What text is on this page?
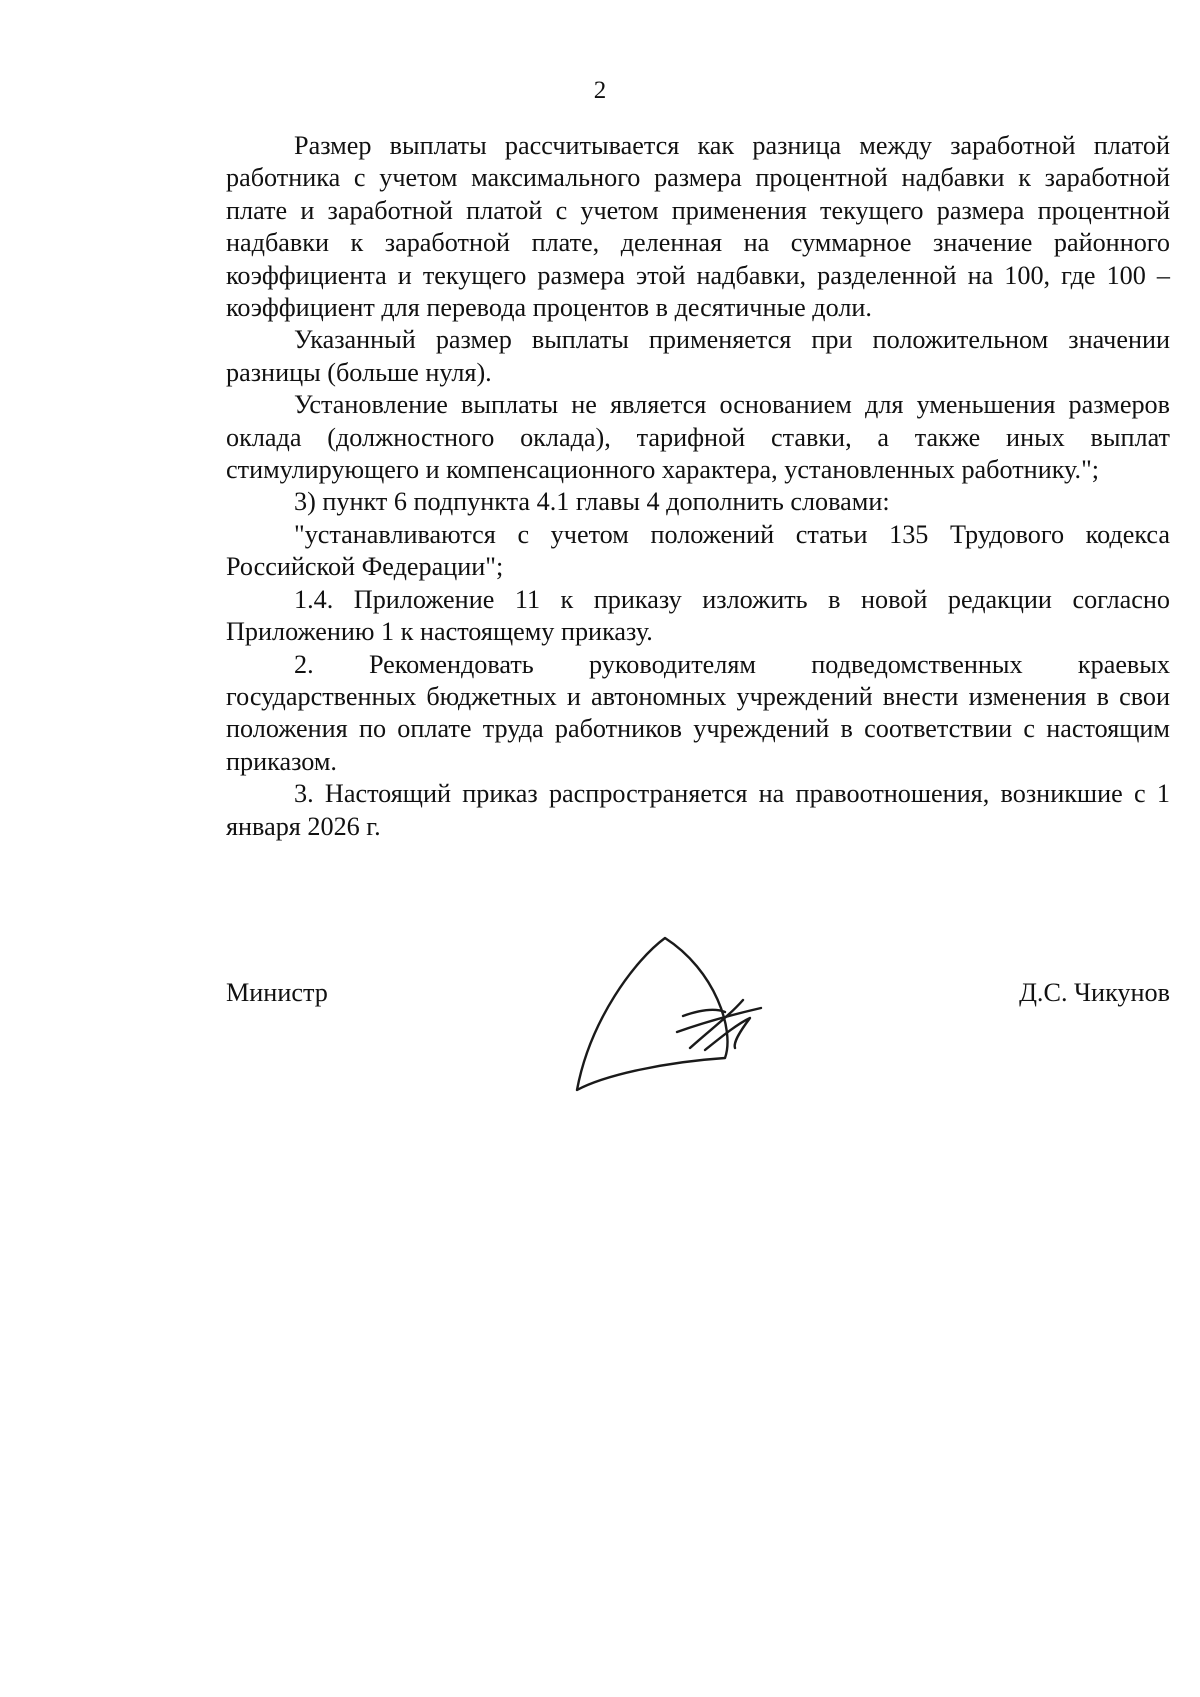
2

Размер выплаты рассчитывается как разница между заработной платой работника с учетом максимального размера процентной надбавки к заработной плате и заработной платой с учетом применения текущего размера процентной надбавки к заработной плате, деленная на суммарное значение районного коэффициента и текущего размера этой надбавки, разделенной на 100, где 100 – коэффициент для перевода процентов в десятичные доли.

Указанный размер выплаты применяется при положительном значении разницы (больше нуля).

Установление выплаты не является основанием для уменьшения размеров оклада (должностного оклада), тарифной ставки, а также иных выплат стимулирующего и компенсационного характера, установленных работнику.";

3) пункт 6 подпункта 4.1 главы 4 дополнить словами:

"устанавливаются с учетом положений статьи 135 Трудового кодекса Российской Федерации";

1.4. Приложение 11 к приказу изложить в новой редакции согласно Приложению 1 к настоящему приказу.

2. Рекомендовать руководителям подведомственных краевых государственных бюджетных и автономных учреждений внести изменения в свои положения по оплате труда работников учреждений в соответствии с настоящим приказом.

3. Настоящий приказ распространяется на правоотношения, возникшие с 1 января 2026 г.

Министр	Д.С. Чикунов
